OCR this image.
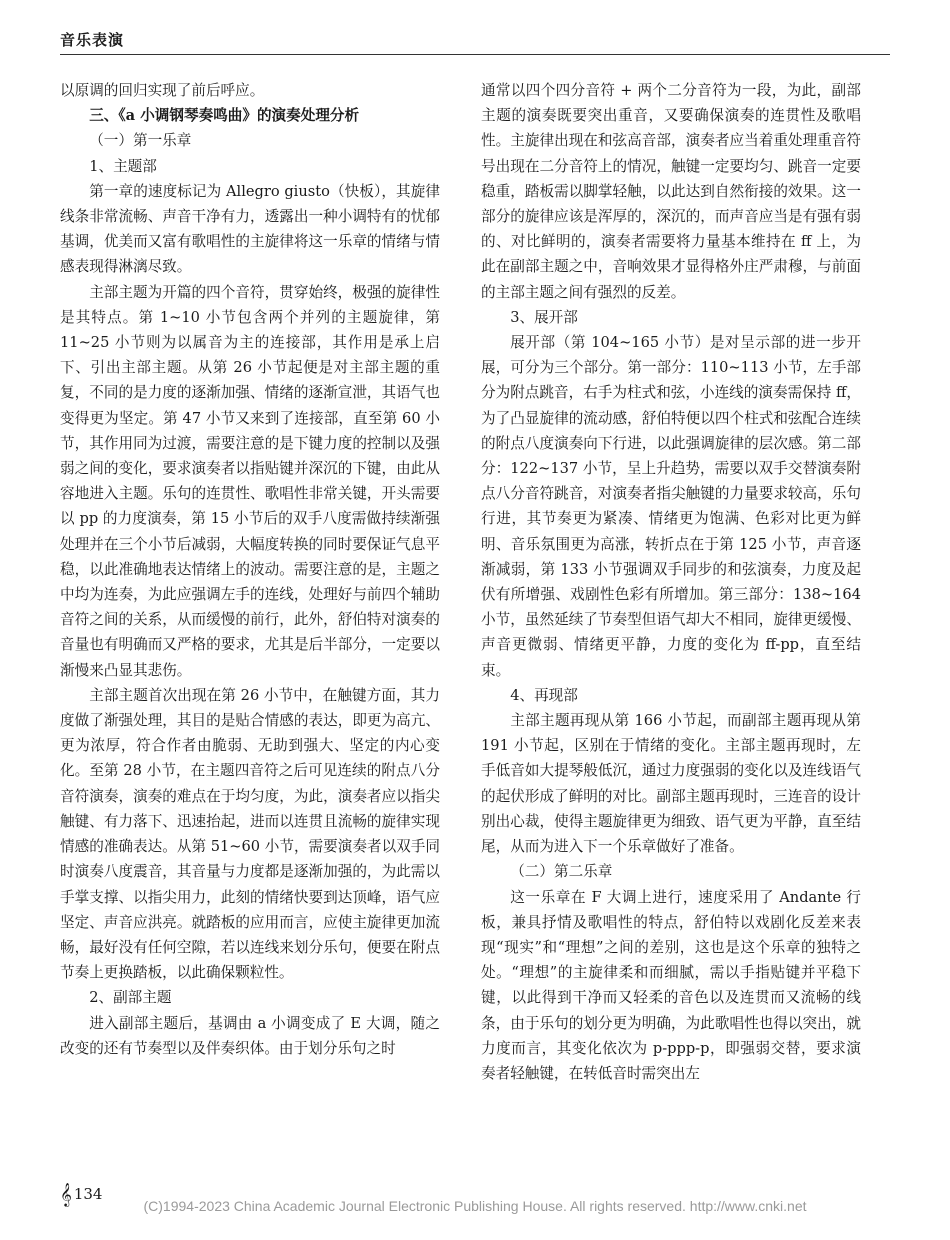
音乐表演

以原调的回归实现了前后呼应。

三、《a 小调钢琴奏鸣曲》的演奏处理分析

（一）第一乐章

1、主题部

第一章的速度标记为 Allegro giusto（快板），其旋律线条非常流畅、声音干净有力，透露出一种小调特有的忧郁基调，优美而又富有歌唱性的主旋律将这一乐章的情绪与情感表现得淋漓尽致。

主部主题为开篇的四个音符，贯穿始终，极强的旋律性是其特点。第 1~10 小节包含两个并列的主题旋律，第 11~25 小节则为以属音为主的连接部，其作用是承上启下、引出主部主题。从第 26 小节起便是对主部主题的重复，不同的是力度的逐渐加强、情绪的逐渐宣泄，其语气也变得更为坚定。第 47 小节又来到了连接部，直至第 60 小节，其作用同为过渡，需要注意的是下键力度的控制以及强弱之间的变化，要求演奏者以指贴键并深沉的下键，由此从容地进入主题。乐句的连贯性、歌唱性非常关键，开头需要以 pp 的力度演奏，第 15 小节后的双手八度需做持续渐强处理并在三个小节后减弱，大幅度转换的同时要保证气息平稳，以此准确地表达情绪上的波动。需要注意的是，主题之中均为连奏，为此应强调左手的连线，处理好与前四个辅助音符之间的关系，从而缓慢的前行，此外，舒伯特对演奏的音量也有明确而又严格的要求，尤其是后半部分，一定要以渐慢来凸显其悲伤。

主部主题首次出现在第 26 小节中，在触键方面，其力度做了渐强处理，其目的是贴合情感的表达，即更为高亢、更为浓厚，符合作者由脆弱、无助到强大、坚定的内心变化。至第 28 小节，在主题四音符之后可见连续的附点八分音符演奏，演奏的难点在于均匀度，为此，演奏者应以指尖触键、有力落下、迅速抬起，进而以连贯且流畅的旋律实现情感的准确表达。从第 51~60 小节，需要演奏者以双手同时演奏八度震音，其音量与力度都是逐渐加强的，为此需以手掌支撑、以指尖用力，此刻的情绪快要到达顶峰，语气应坚定、声音应洪亮。就踏板的应用而言，应使主旋律更加流畅，最好没有任何空隙，若以连线来划分乐句，便要在附点节奏上更换踏板，以此确保颗粒性。

2、副部主题

进入副部主题后，基调由 a 小调变成了 E 大调，随之改变的还有节奏型以及伴奏织体。由于划分乐句之时

通常以四个四分音符 + 两个二分音符为一段，为此，副部主题的演奏既要突出重音，又要确保演奏的连贯性及歌唱性。主旋律出现在和弦高音部，演奏者应当着重处理重音符号出现在二分音符上的情况，触键一定要均匀、跳音一定要稳重，踏板需以脚掌轻触，以此达到自然衔接的效果。这一部分的旋律应该是浑厚的，深沉的，而声音应当是有强有弱的、对比鲜明的，演奏者需要将力量基本维持在 ff 上，为此在副部主题之中，音响效果才显得格外庄严肃穆，与前面的主部主题之间有强烈的反差。

3、展开部

展开部（第 104~165 小节）是对呈示部的进一步开展，可分为三个部分。第一部分：110~113 小节，左手部分为附点跳音，右手为柱式和弦，小连线的演奏需保持 ff，为了凸显旋律的流动感，舒伯特便以四个柱式和弦配合连续的附点八度演奏向下行进，以此强调旋律的层次感。第二部分：122~137 小节，呈上升趋势，需要以双手交替演奏附点八分音符跳音，对演奏者指尖触键的力量要求较高，乐句行进，其节奏更为紧凑、情绪更为饱满、色彩对比更为鲜明、音乐氛围更为高涨，转折点在于第 125 小节，声音逐渐减弱，第 133 小节强调双手同步的和弦演奏，力度及起伏有所增强、戏剧性色彩有所增加。第三部分：138~164 小节，虽然延续了节奏型但语气却大不相同，旋律更缓慢、声音更微弱、情绪更平静，力度的变化为 ff-pp，直至结束。

4、再现部

主部主题再现从第 166 小节起，而副部主题再现从第 191 小节起，区别在于情绪的变化。主部主题再现时，左手低音如大提琴般低沉，通过力度强弱的变化以及连线语气的起伏形成了鲜明的对比。副部主题再现时，三连音的设计别出心裁，使得主题旋律更为细致、语气更为平静，直至结尾，从而为进入下一个乐章做好了准备。

（二）第二乐章

这一乐章在 F 大调上进行，速度采用了 Andante 行板，兼具抒情及歌唱性的特点，舒伯特以戏剧化反差来表现“现实”和“理想”之间的差别，这也是这个乐章的独特之处。“理想”的主旋律柔和而细腻，需以手指贴键并平稳下键，以此得到干净而又轻柔的音色以及连贯而又流畅的线条，由于乐句的划分更为明确，为此歌唱性也得以突出，就力度而言，其变化依次为 p-ppp-p，即强弱交替，要求演奏者轻触键，在转低音时需突出左

𝄞 134
(C)1994-2023 China Academic Journal Electronic Publishing House. All rights reserved. http://www.cnki.net
